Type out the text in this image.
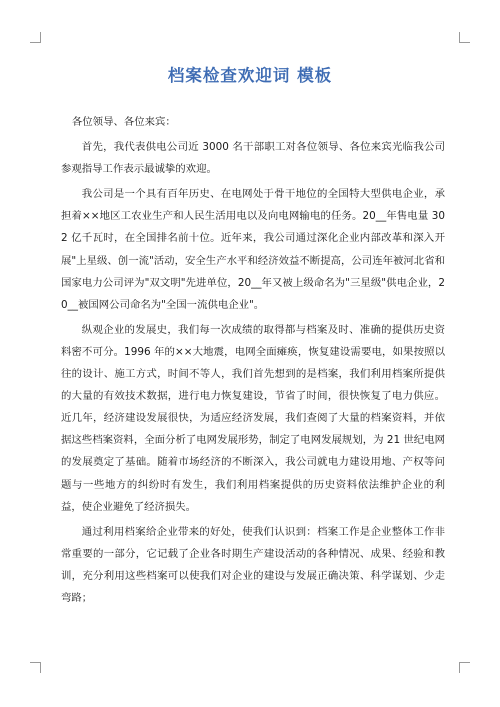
档案检查欢迎词 模板

各位领导、各位来宾：

首先，我代表供电公司近 3000 名干部职工对各位领导、各位来宾光临我公司参观指导工作表示最诚挚的欢迎。

我公司是一个具有百年历史、在电网处于骨干地位的全国特大型供电企业，承担着××地区工农业生产和人民生活用电以及向电网输电的任务。20__年售电量 302 亿千瓦时，在全国排名前十位。近年来，我公司通过深化企业内部改革和深入开展"上星级、创一流"活动，安全生产水平和经济效益不断提高，公司连年被河北省和国家电力公司评为"双文明"先进单位，20__年又被上级命名为"三星级"供电企业，20__被国网公司命名为"全国一流供电企业"。

纵观企业的发展史，我们每一次成绩的取得都与档案及时、准确的提供历史资料密不可分。1996 年的××大地震，电网全面瘫痪，恢复建设需要电，如果按照以往的设计、施工方式，时间不等人，我们首先想到的是档案，我们利用档案所提供的大量的有效技术数据，进行电力恢复建设，节省了时间，很快恢复了电力供应。近几年，经济建设发展很快，为适应经济发展，我们查阅了大量的档案资料，并依据这些档案资料，全面分析了电网发展形势，制定了电网发展规划，为 21 世纪电网的发展奠定了基础。随着市场经济的不断深入，我公司就电力建设用地、产权等问题与一些地方的纠纷时有发生，我们利用档案提供的历史资料依法维护企业的利益，使企业避免了经济损失。

通过利用档案给企业带来的好处，使我们认识到：档案工作是企业整体工作非常重要的一部分，它记载了企业各时期生产建设活动的各种情况、成果、经验和教训，充分利用这些档案可以使我们对企业的建设与发展正确决策、科学谋划、少走弯路；
